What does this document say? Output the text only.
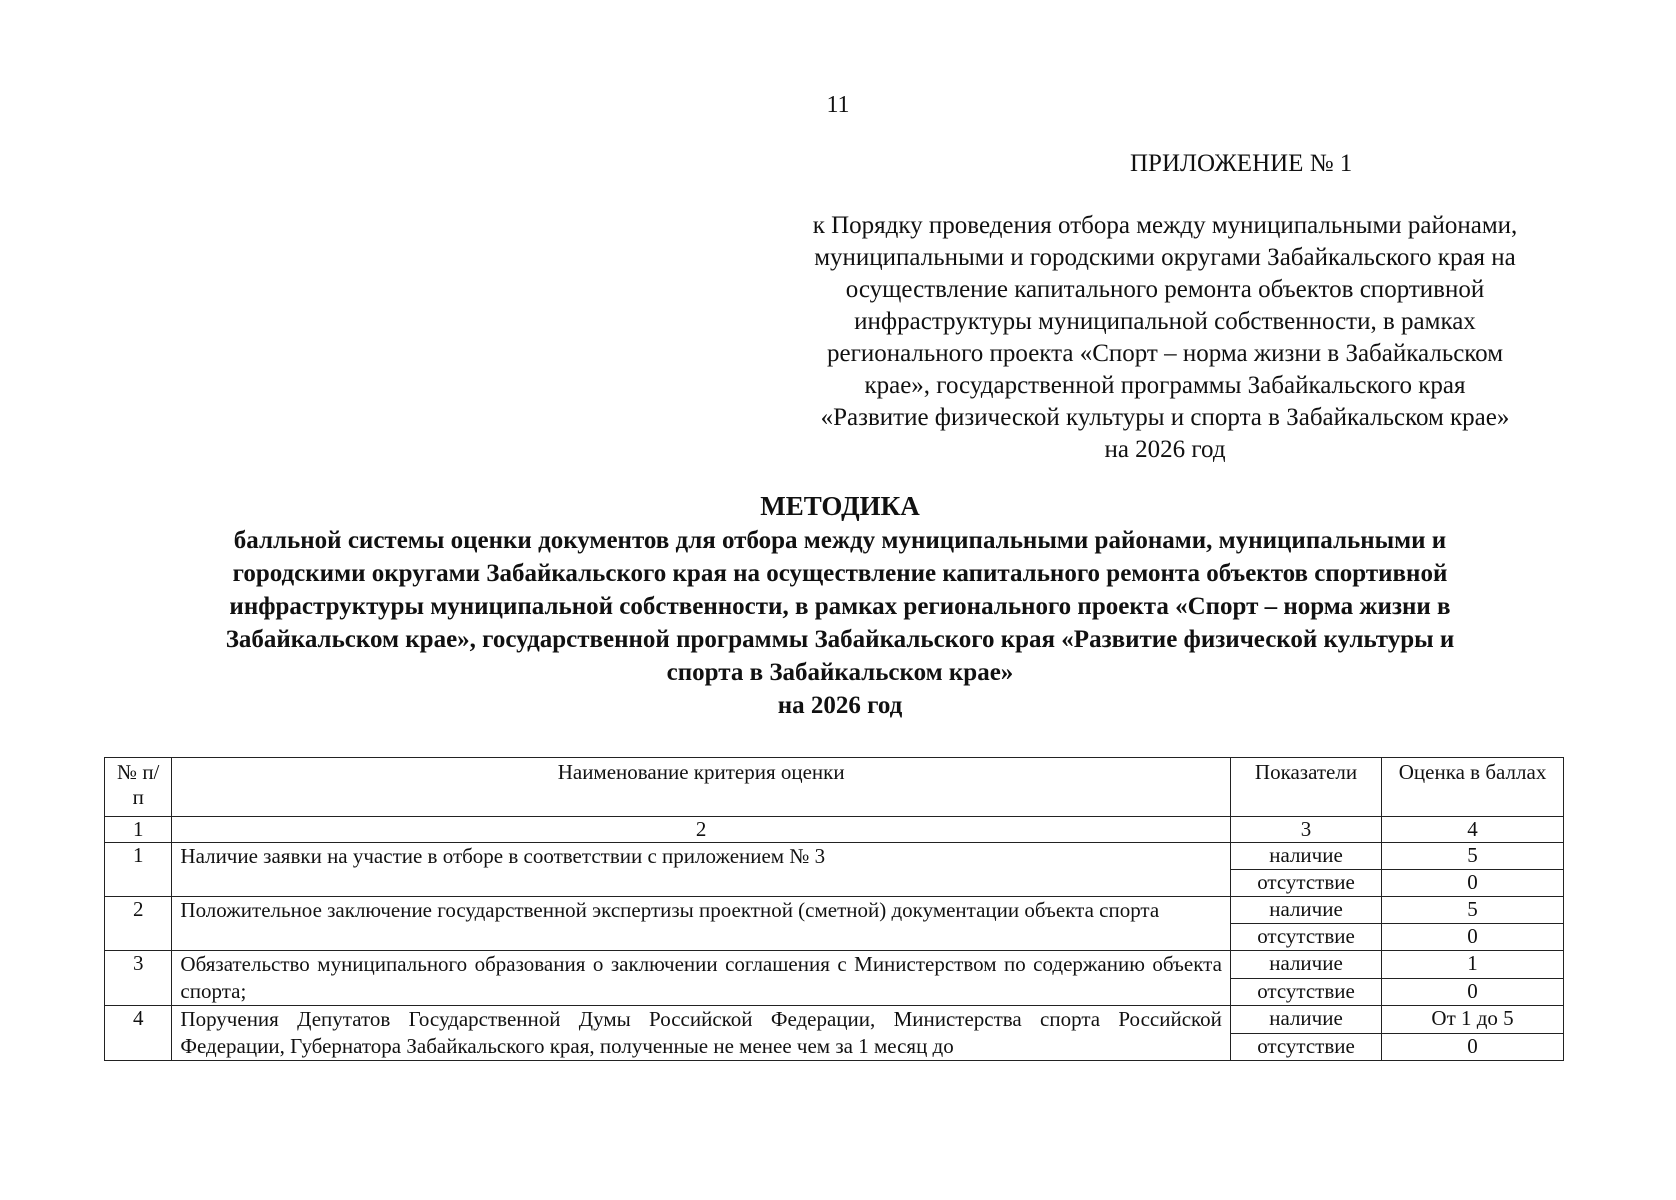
11
ПРИЛОЖЕНИЕ № 1
к Порядку проведения отбора между муниципальными районами,
муниципальными и городскими округами Забайкальского края на
осуществление капитального ремонта объектов спортивной
инфраструктуры муниципальной собственности, в рамках
регионального проекта «Спорт – норма жизни в Забайкальском
крае», государственной программы Забайкальского края
«Развитие физической культуры и спорта в Забайкальском крае»
на 2026 год
МЕТОДИКА
балльной системы оценки документов для отбора между муниципальными районами, муниципальными и
городскими округами Забайкальского края на осуществление капитального ремонта объектов спортивной
инфраструктуры муниципальной собственности, в рамках регионального проекта «Спорт – норма жизни в
Забайкальском крае», государственной программы Забайкальского края «Развитие физической культуры и
спорта в Забайкальском крае»
на 2026 год
№ п/п	Наименование критерия оценки	Показатели	Оценка в баллах
1	2	3	4
1	Наличие заявки на участие в отборе в соответствии с приложением № 3	наличие	5
		отсутствие	0
2	Положительное заключение государственной экспертизы проектной (сметной) документации объекта спорта	наличие	5
		отсутствие	0
3	Обязательство муниципального образования о заключении соглашения с Министерством по содержанию объекта спорта;	наличие	1
		отсутствие	0
4	Поручения Депутатов Государственной Думы Российской Федерации, Министерства спорта Российской Федерации, Губернатора Забайкальского края, полученные не менее чем за 1 месяц до	наличие	От 1 до 5
		отсутствие	0
